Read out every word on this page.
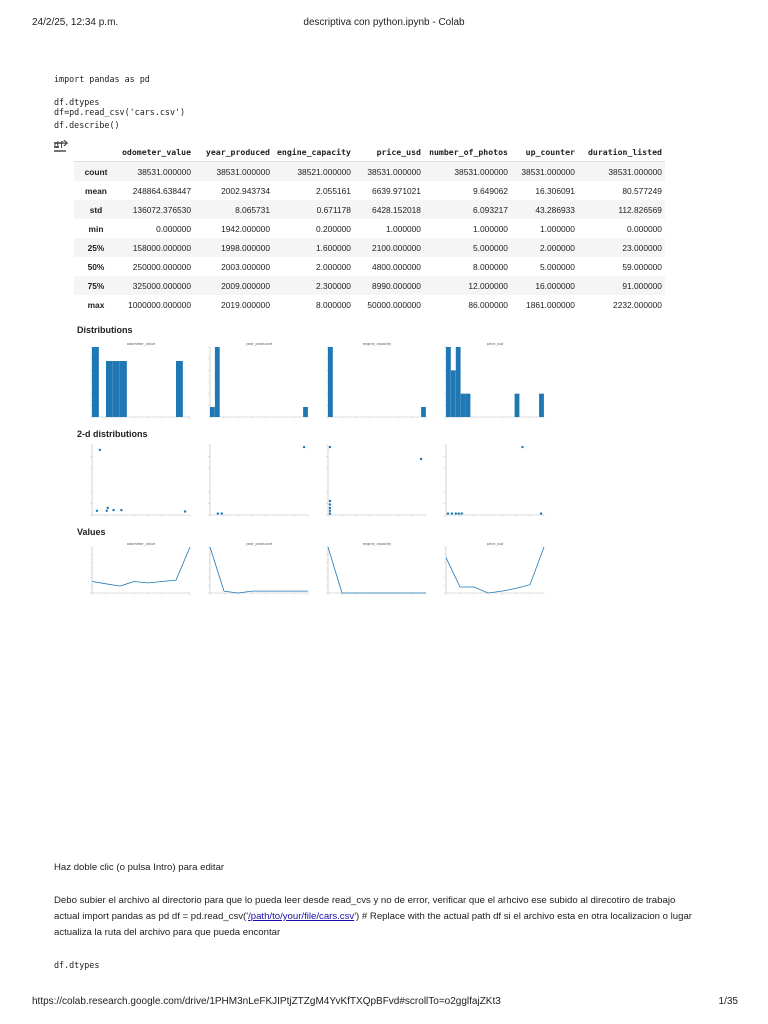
24/2/25, 12:34 p.m.	descriptiva con python.ipynb - Colab

import pandas as pd

df=pd.read_csv('cars.csv')

df

df.dtypes
df.describe()
	odometer_value	year_produced	engine_capacity	price_usd	number_of_photos	up_counter	duration_listed
count	38531.000000	38531.000000	38521.000000	38531.000000	38531.000000	38531.000000	38531.000000
mean	248864.638447	2002.943734	2.055161	6639.971021	9.649062	16.306091	80.577249
std	136072.376530	8.065731	0.671178	6428.152018	6.093217	43.286933	112.826569
min	0.000000	1942.000000	0.200000	1.000000	1.000000	1.000000	0.000000
25%	158000.000000	1998.000000	1.600000	2100.000000	5.000000	2.000000	23.000000
50%	250000.000000	2003.000000	2.000000	4800.000000	8.000000	5.000000	59.000000
75%	325000.000000	2009.000000	2.300000	8990.000000	12.000000	16.000000	91.000000
max	1000000.000000	2019.000000	8.000000	50000.000000	86.000000	1861.000000	2232.000000
Distributions
2-d distributions
Values
odometer_value	year_produced	engine_capacity	price_usd
odometer_value	year_produced	engine_capacity	price_usd
Haz doble clic (o pulsa Intro) para editar
Debo subier el archivo al directorio para que lo pueda leer desde read_cvs y no de error, verificar que el arhcivo ese subido al direcotiro de trabajo actual import pandas as pd df = pd.read_csv('/path/to/your/file/cars.csv') # Replace with the actual path df si el archivo esta en otra localizacion o lugar actualiza la ruta del archivo para que pueda encontar
df.dtypes
https://colab.research.google.com/drive/1PHM3nLeFKJIPtjZTZgM4YvKfTXQpBFvd#scrollTo=o2gglfajZKt3	1/35
